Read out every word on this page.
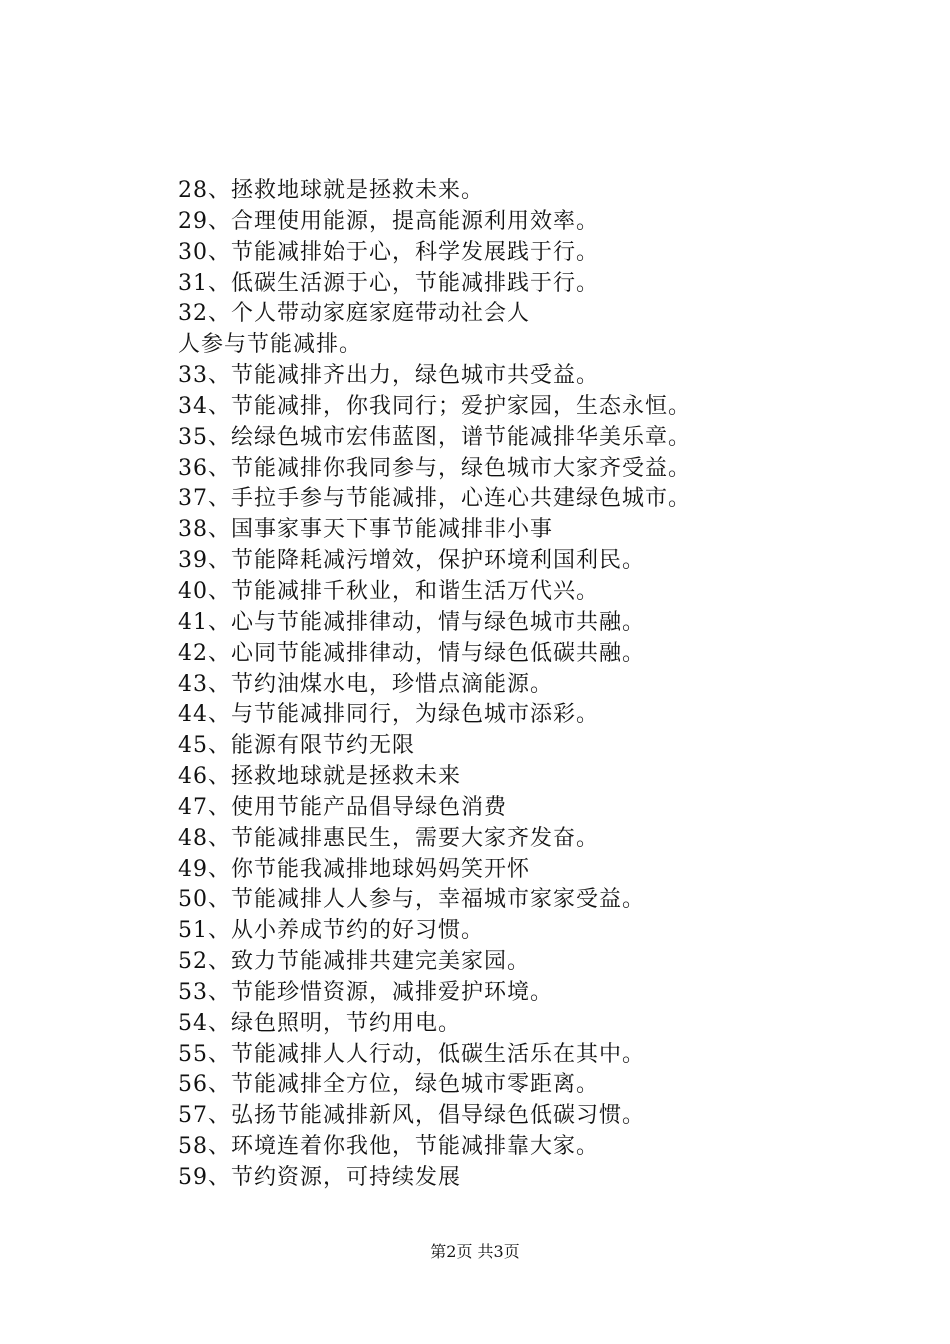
28、拯救地球就是拯救未来。
29、合理使用能源，提高能源利用效率。
30、节能减排始于心，科学发展践于行。
31、低碳生活源于心，节能减排践于行。
32、个人带动家庭家庭带动社会人
人参与节能减排。
33、节能减排齐出力，绿色城市共受益。
34、节能减排，你我同行；爱护家园，生态永恒。
35、绘绿色城市宏伟蓝图，谱节能减排华美乐章。
36、节能减排你我同参与，绿色城市大家齐受益。
37、手拉手参与节能减排，心连心共建绿色城市。
38、国事家事天下事节能减排非小事
39、节能降耗减污增效，保护环境利国利民。
40、节能减排千秋业，和谐生活万代兴。
41、心与节能减排律动，情与绿色城市共融。
42、心同节能减排律动，情与绿色低碳共融。
43、节约油煤水电，珍惜点滴能源。
44、与节能减排同行，为绿色城市添彩。
45、能源有限节约无限
46、拯救地球就是拯救未来
47、使用节能产品倡导绿色消费
48、节能减排惠民生，需要大家齐发奋。
49、你节能我减排地球妈妈笑开怀
50、节能减排人人参与，幸福城市家家受益。
51、从小养成节约的好习惯。
52、致力节能减排共建完美家园。
53、节能珍惜资源，减排爱护环境。
54、绿色照明，节约用电。
55、节能减排人人行动，低碳生活乐在其中。
56、节能减排全方位，绿色城市零距离。
57、弘扬节能减排新风，倡导绿色低碳习惯。
58、环境连着你我他，节能减排靠大家。
59、节约资源，可持续发展
第2页 共3页
